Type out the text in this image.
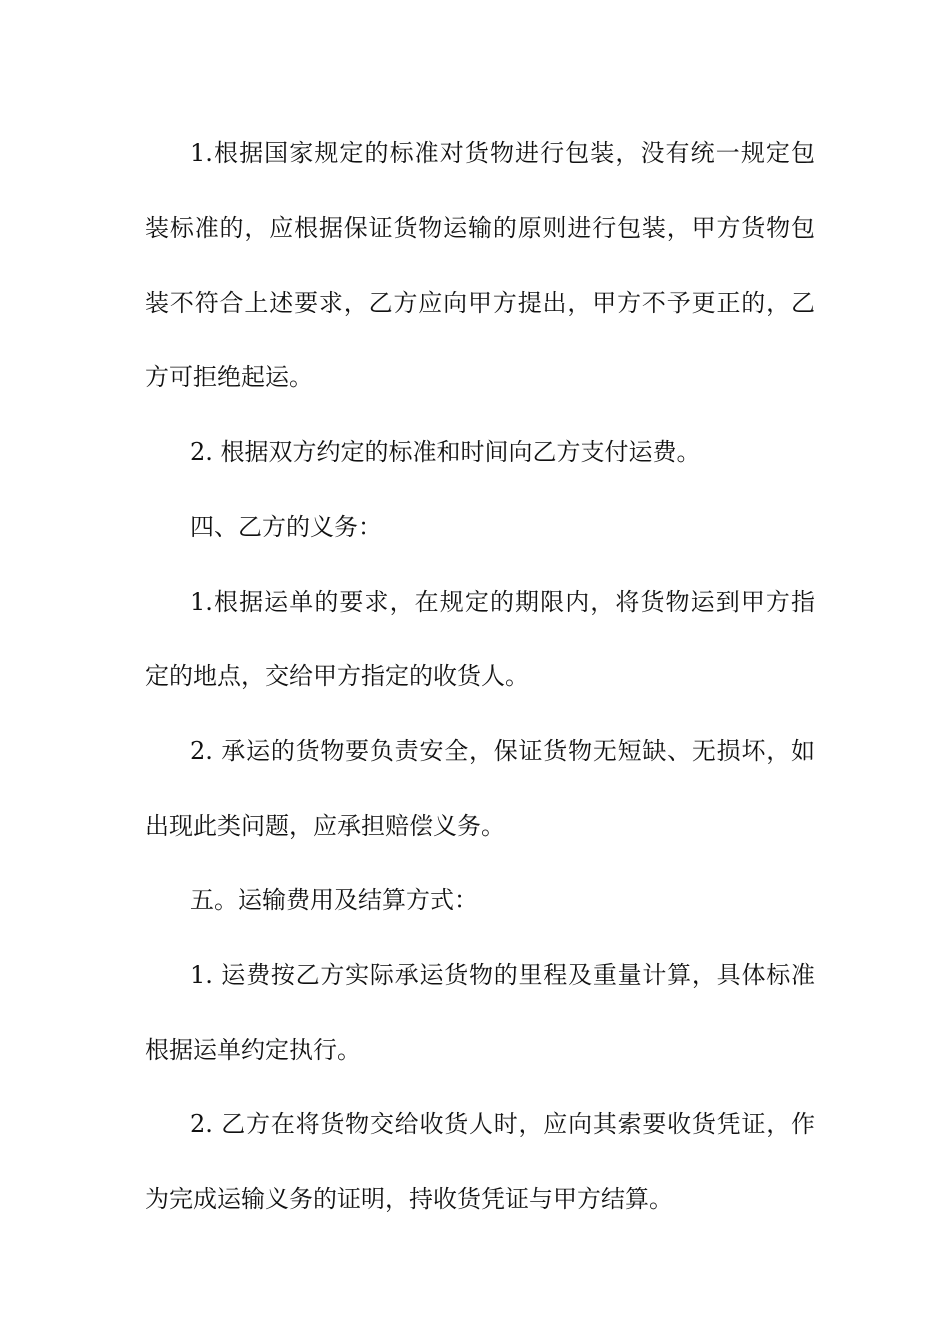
1.根据国家规定的标准对货物进行包装，没有统一规定包
装标准的，应根据保证货物运输的原则进行包装，甲方货物包
装不符合上述要求，乙方应向甲方提出，甲方不予更正的，乙
方可拒绝起运。
2. 根据双方约定的标准和时间向乙方支付运费。
四、乙方的义务：
1.根据运单的要求，在规定的期限内，将货物运到甲方指
定的地点，交给甲方指定的收货人。
2. 承运的货物要负责安全，保证货物无短缺、无损坏，如
出现此类问题，应承担赔偿义务。
五。运输费用及结算方式：
1. 运费按乙方实际承运货物的里程及重量计算，具体标准
根据运单约定执行。
2. 乙方在将货物交给收货人时，应向其索要收货凭证，作
为完成运输义务的证明，持收货凭证与甲方结算。
